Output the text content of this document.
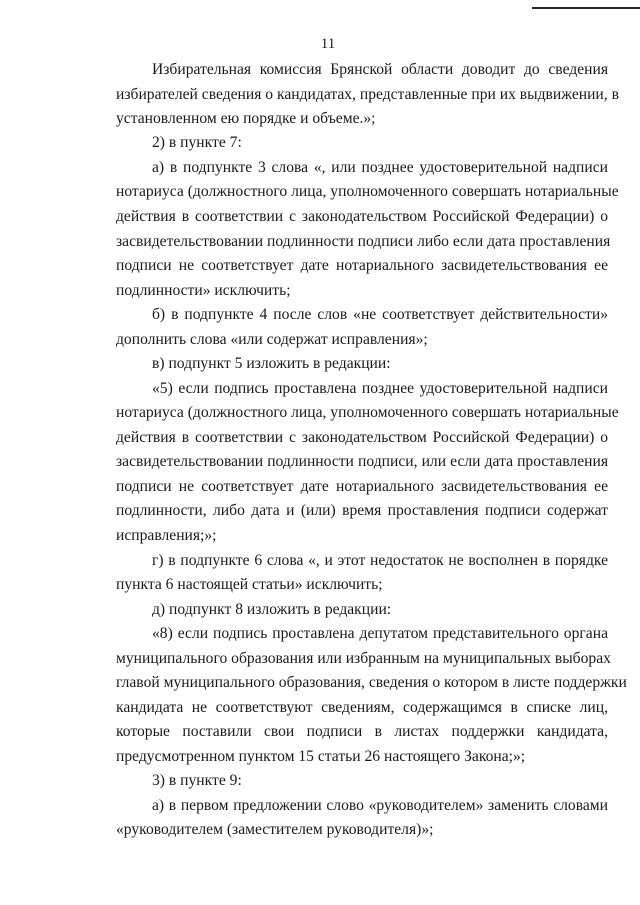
11
Избирательная комиссия Брянской области доводит до сведения
избирателей сведения о кандидатах, представленные при их выдвижении, в
установленном ею порядке и объеме.»;
2) в пункте 7:
а) в подпункте 3 слова «, или позднее удостоверительной надписи
нотариуса (должностного лица, уполномоченного совершать нотариальные
действия в соответствии с законодательством Российской Федерации) о
засвидетельствовании подлинности подписи либо если дата проставления
подписи не соответствует дате нотариального засвидетельствования ее
подлинности» исключить;
б) в подпункте 4 после слов «не соответствует действительности»
дополнить слова «или содержат исправления»;
в) подпункт 5 изложить в редакции:
«5) если подпись проставлена позднее удостоверительной надписи
нотариуса (должностного лица, уполномоченного совершать нотариальные
действия в соответствии с законодательством Российской Федерации) о
засвидетельствовании подлинности подписи, или если дата проставления
подписи не соответствует дате нотариального засвидетельствования ее
подлинности, либо дата и (или) время проставления подписи содержат
исправления;»;
г) в подпункте 6 слова «, и этот недостаток не восполнен в порядке
пункта 6 настоящей статьи» исключить;
д) подпункт 8 изложить в редакции:
«8) если подпись проставлена депутатом представительного органа
муниципального образования или избранным на муниципальных выборах
главой муниципального образования, сведения о котором в листе поддержки
кандидата не соответствуют сведениям, содержащимся в списке лиц,
которые поставили свои подписи в листах поддержки кандидата,
предусмотренном пунктом 15 статьи 26 настоящего Закона;»;
3) в пункте 9:
а) в первом предложении слово «руководителем» заменить словами
«руководителем (заместителем руководителя)»;
